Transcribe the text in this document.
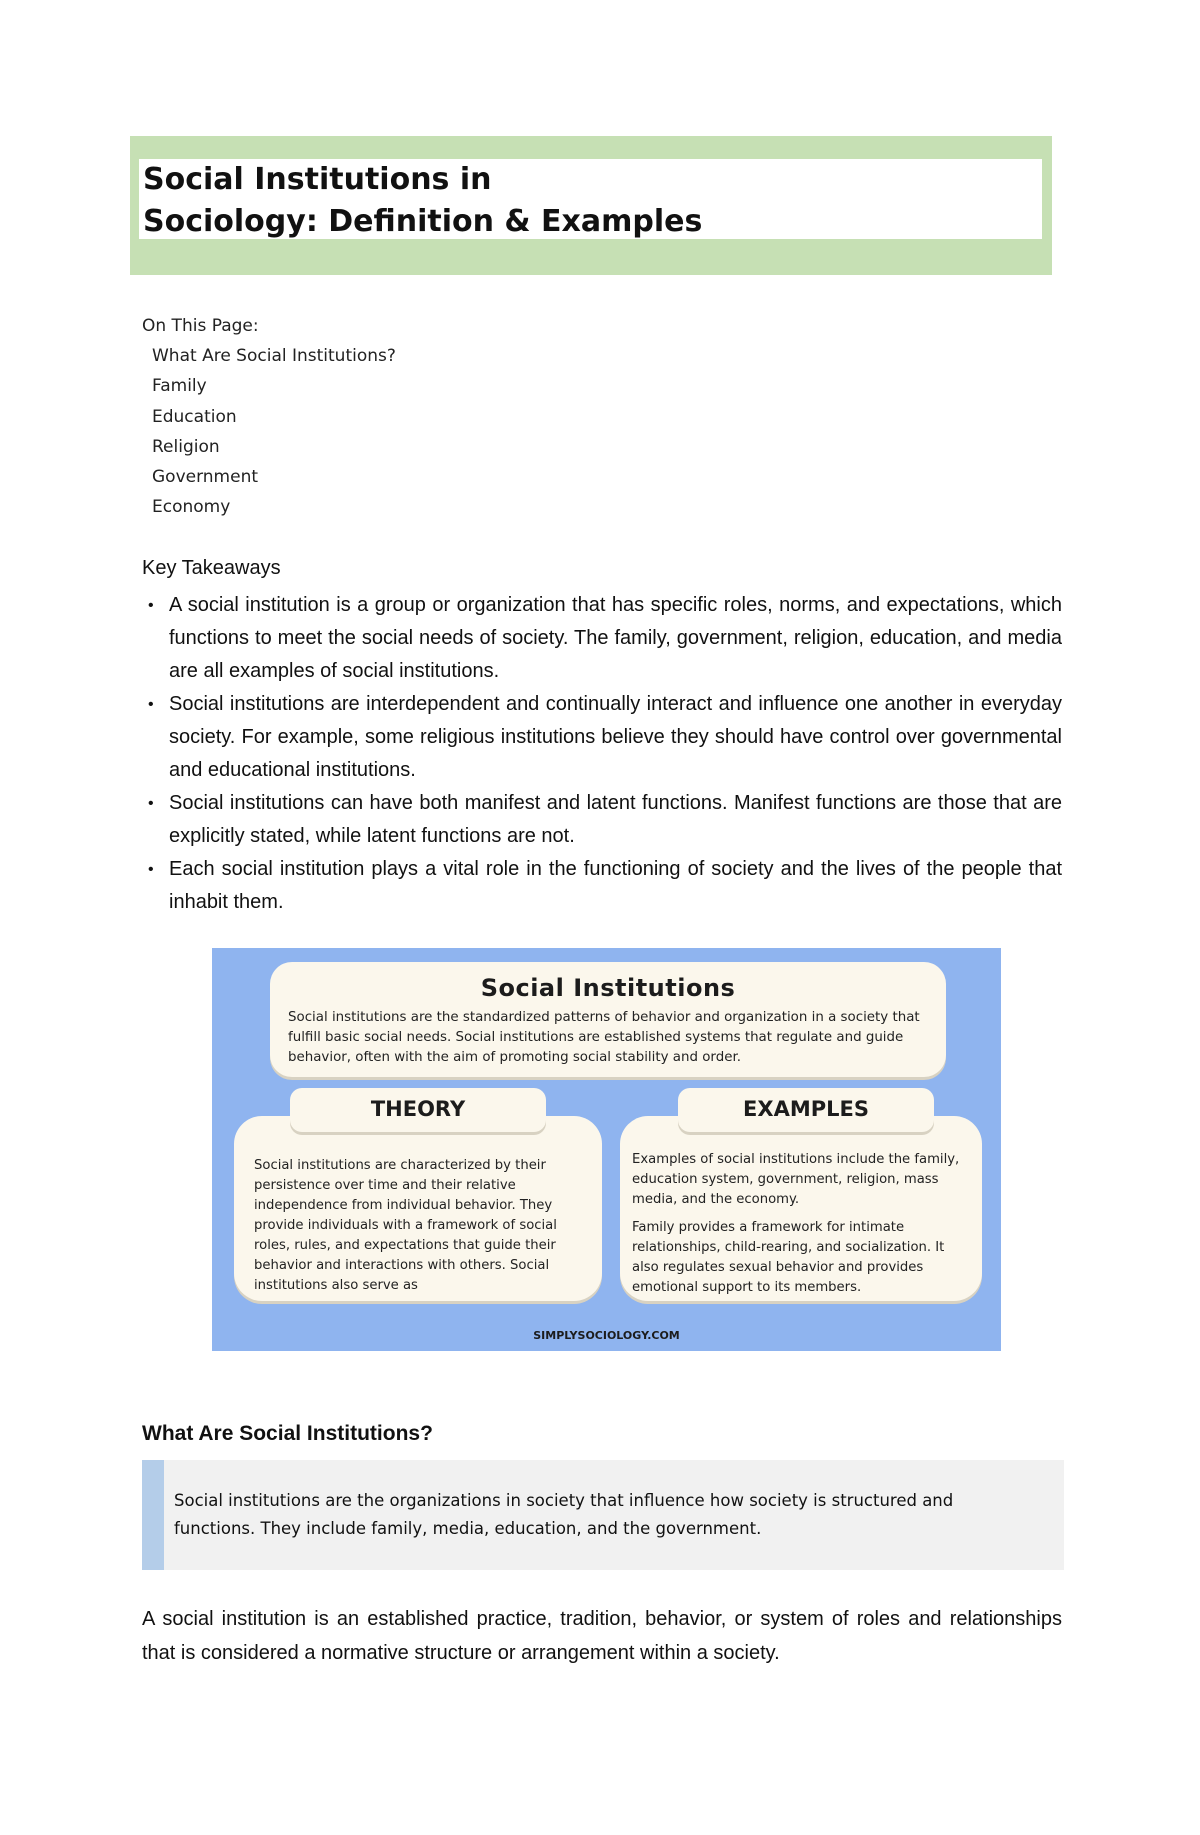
Social Institutions in
Sociology: Definition & Examples
On This Page:
What Are Social Institutions?
Family
Education
Religion
Government
Economy
Key Takeaways
• A social institution is a group or organization that has specific roles, norms, and expectations, which functions to meet the social needs of society. The family, government, religion, education, and media are all examples of social institutions.
• Social institutions are interdependent and continually interact and influence one another in everyday society. For example, some religious institutions believe they should have control over governmental and educational institutions.
• Social institutions can have both manifest and latent functions. Manifest functions are those that are explicitly stated, while latent functions are not.
• Each social institution plays a vital role in the functioning of society and the lives of the people that inhabit them.
Social Institutions
Social institutions are the standardized patterns of behavior and organization in a society that fulfill basic social needs. Social institutions are established systems that regulate and guide behavior, often with the aim of promoting social stability and order.
Social institutions are characterized by their persistence over time and their relative independence from individual behavior. They provide individuals with a framework of social roles, rules, and expectations that guide their behavior and interactions with others. Social institutions also serve as
Examples of social institutions include the family, education system, government, religion, mass media, and the economy.
Family provides a framework for intimate relationships, child-rearing, and socialization. It also regulates sexual behavior and provides emotional support to its members.
THEORY	EXAMPLES
SIMPLYSOCIOLOGY.COM
What Are Social Institutions?

Social institutions are the organizations in society that influence how society is structured and functions. They include family, media, education, and the government.

A social institution is an established practice, tradition, behavior, or system of roles and relationships that is considered a normative structure or arrangement within a society.
